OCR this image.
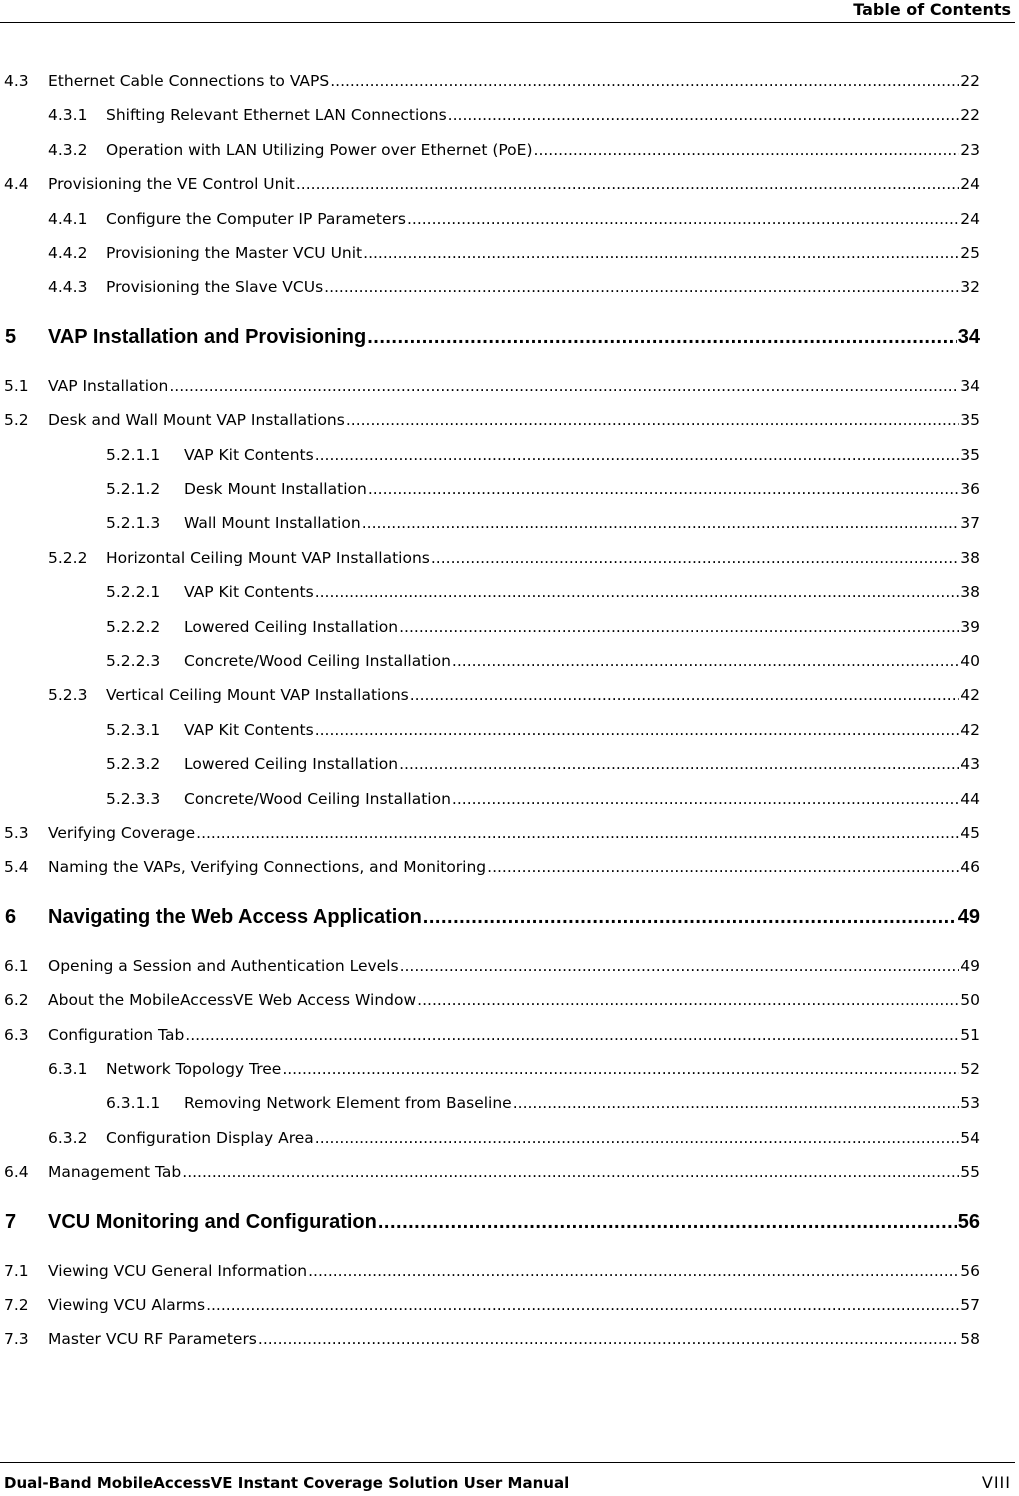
Table of Contents
4.3 Ethernet Cable Connections to VAPS .....	22
4.3.1 Shifting Relevant Ethernet LAN Connections .....	22
4.3.2 Operation with LAN Utilizing Power over Ethernet (PoE) .....	23
4.4 Provisioning the VE Control Unit .....	24
4.4.1 Configure the Computer IP Parameters .....	24
4.4.2 Provisioning the Master VCU Unit .....	25
4.4.3 Provisioning the Slave VCUs .....	32
5 VAP Installation and Provisioning .....	34
5.1 VAP Installation .....	34
5.2 Desk and Wall Mount VAP Installations .....	35
5.2.1.1 VAP Kit Contents .....	35
5.2.1.2 Desk Mount Installation .....	36
5.2.1.3 Wall Mount Installation .....	37
5.2.2 Horizontal Ceiling Mount VAP Installations .....	38
5.2.2.1 VAP Kit Contents .....	38
5.2.2.2 Lowered Ceiling Installation .....	39
5.2.2.3 Concrete/Wood Ceiling Installation .....	40
5.2.3 Vertical Ceiling Mount VAP Installations .....	42
5.2.3.1 VAP Kit Contents .....	42
5.2.3.2 Lowered Ceiling Installation .....	43
5.2.3.3 Concrete/Wood Ceiling Installation .....	44
5.3 Verifying Coverage .....	45
5.4 Naming the VAPs, Verifying Connections, and Monitoring .....	46
6 Navigating the Web Access Application .....	49
6.1 Opening a Session and Authentication Levels .....	49
6.2 About the MobileAccessVE Web Access Window .....	50
6.3 Configuration Tab .....	51
6.3.1 Network Topology Tree .....	52
6.3.1.1 Removing Network Element from Baseline .....	53
6.3.2 Configuration Display Area .....	54
6.4 Management Tab .....	55
7 VCU Monitoring and Configuration .....	56
7.1 Viewing VCU General Information .....	56
7.2 Viewing VCU Alarms .....	57
7.3 Master VCU RF Parameters .....	58
Dual-Band MobileAccessVE Instant Coverage Solution User Manual	VIII
